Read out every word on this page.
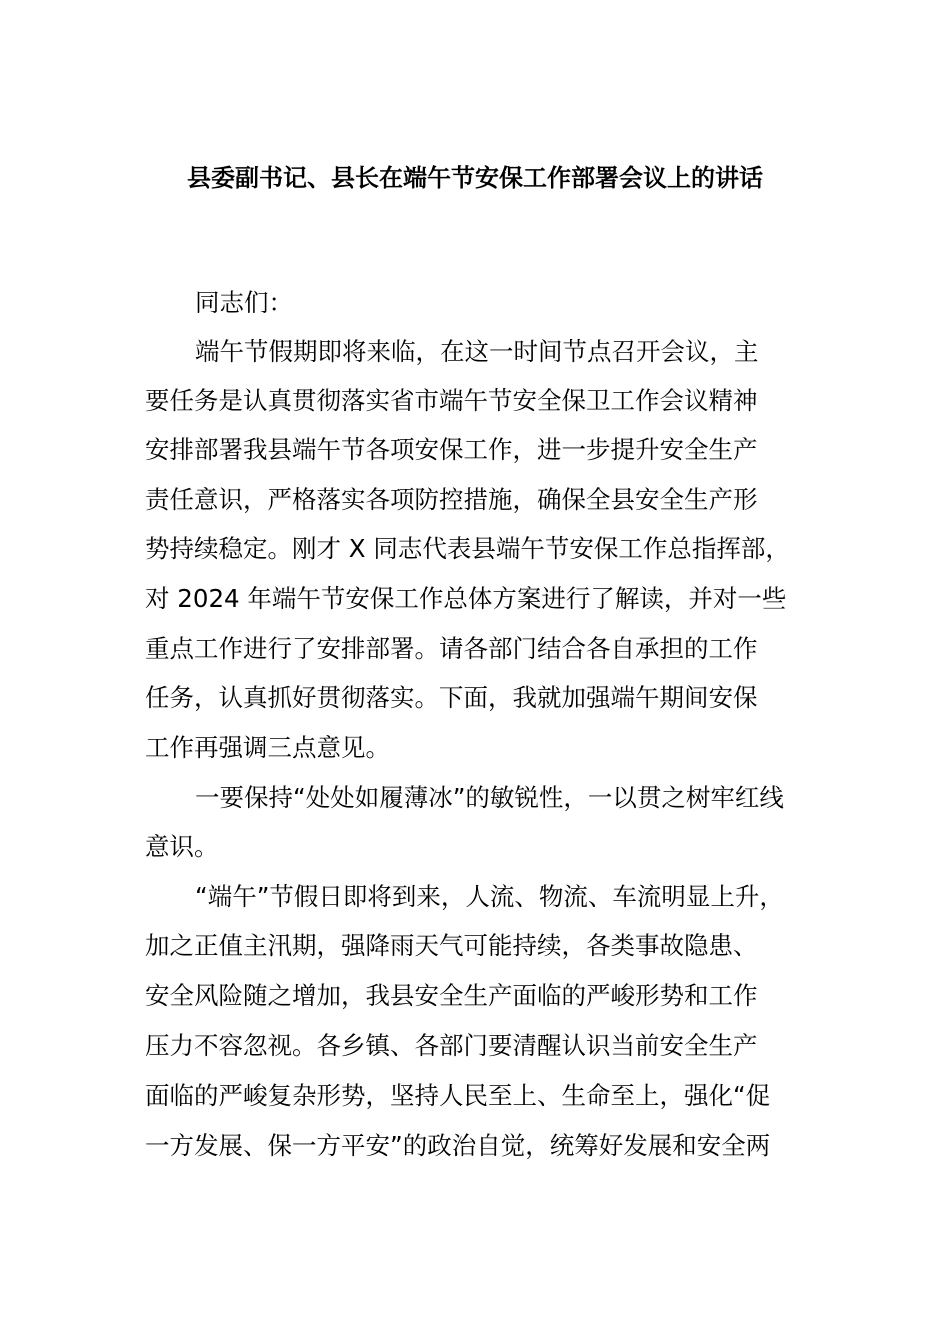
县委副书记、县长在端午节安保工作部署会议上的讲话

同志们：

端午节假期即将来临，在这一时间节点召开会议，主

要任务是认真贯彻落实省市端午节安全保卫工作会议精神

安排部署我县端午节各项安保工作，进一步提升安全生产

责任意识，严格落实各项防控措施，确保全县安全生产形

势持续稳定。刚才 X 同志代表县端午节安保工作总指挥部，

对 2024 年端午节安保工作总体方案进行了解读，并对一些

重点工作进行了安排部署。请各部门结合各自承担的工作

任务，认真抓好贯彻落实。下面，我就加强端午期间安保

工作再强调三点意见。

一要保持“处处如履薄冰”的敏锐性，一以贯之树牢红线

意识。

“端午”节假日即将到来，人流、物流、车流明显上升，

加之正值主汛期，强降雨天气可能持续，各类事故隐患、

安全风险随之增加，我县安全生产面临的严峻形势和工作

压力不容忽视。各乡镇、各部门要清醒认识当前安全生产

面临的严峻复杂形势，坚持人民至上、生命至上，强化“促

一方发展、保一方平安”的政治自觉，统筹好发展和安全两
